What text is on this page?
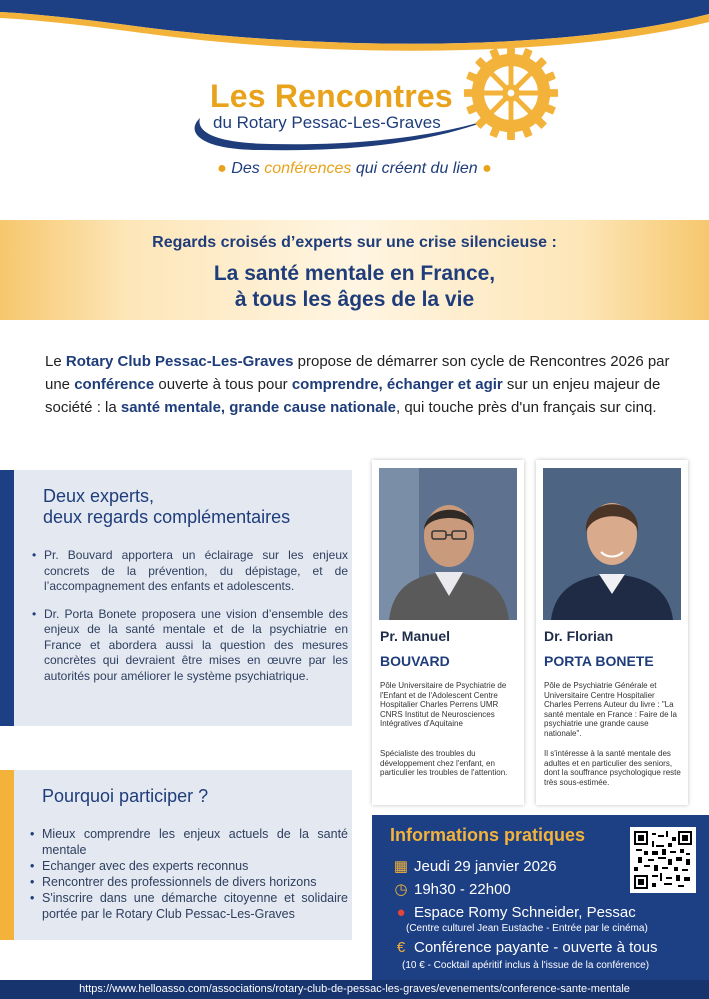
Les Rencontres
du Rotary Pessac-Les-Graves
● Des conférences qui créent du lien ●
Regards croisés d’experts sur une crise silencieuse :
La santé mentale en France,
à tous les âges de la vie

Le Rotary Club Pessac-Les-Graves propose de démarrer son cycle de Rencontres 2026 par une conférence ouverte à tous pour comprendre, échanger et agir sur un enjeu majeur de société : la santé mentale, grande cause nationale, qui touche près d'un français sur cinq.

Deux experts,
deux regards complémentaires
• Pr. Bouvard apportera un éclairage sur les enjeux concrets de la prévention, du dépistage, et de l’accompagnement des enfants et adolescents.
• Dr. Porta Bonete proposera une vision d’ensemble des enjeux de la santé mentale et de la psychiatrie en France et abordera aussi la question des mesures concrètes qui devraient être mises en œuvre par les autorités pour améliorer le système psychiatrique.
Pourquoi participer ?
• Mieux comprendre les enjeux actuels de la santé mentale
• Echanger avec des experts reconnus
• Rencontrer des professionnels de divers horizons
• S'inscrire dans une démarche citoyenne et solidaire portée par le Rotary Club Pessac-Les-Graves
Pr. Manuel
BOUVARD
Pôle Universitaire de Psychiatrie de l'Enfant et de l'Adolescent Centre Hospitalier Charles Perrens UMR CNRS Institut de Neurosciences Intégratives d'Aquitaine
Spécialiste des troubles du développement chez l'enfant, en particulier les troubles de l'attention.
Dr. Florian
PORTA BONETE
Pôle de Psychiatrie Générale et Universitaire Centre Hospitalier Charles Perrens Auteur du livre : "La santé mentale en France : Faire de la psychiatrie une grande cause nationale".
Il s'intéresse à la santé mentale des adultes et en particulier des seniors, dont la souffrance psychologique reste très sous-estimée.
Informations pratiques
▦ Jeudi 29 janvier 2026
◷ 19h30 - 22h00
● Espace Romy Schneider, Pessac
(Centre culturel Jean Eustache - Entrée par le cinéma)
€ Conférence payante - ouverte à tous
(10 € - Cocktail apéritif inclus à l'issue de la conférence)
https://www.helloasso.com/associations/rotary-club-de-pessac-les-graves/evenements/conference-sante-mentale
